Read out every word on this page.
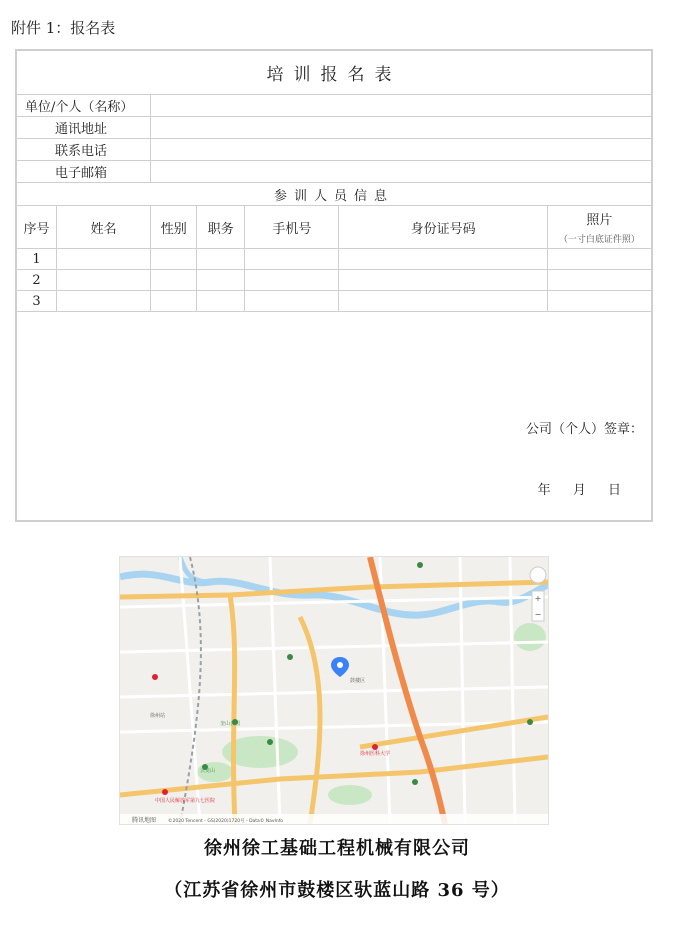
附件 1：报名表
培训报名表						
单位/个人（名称）						
通讯地址						
联系电话						
电子邮箱						
参训人员信息						
序号	姓名	性别	职务	手机号	身份证号码	照片
（一寸白底证件照）

1						
2						
3						

公司（个人）签章：
年 月 日						
奎山公园
云龙山
徐州站
徐州医科大学
中国人民解放军第九七医院
鼓楼区
+
−
腾讯地图	©2020 Tencent - GS(2020)1720号 - Data© NavInfo
徐州徐工基础工程机械有限公司
（江苏省徐州市鼓楼区驮蓝山路 36 号）
